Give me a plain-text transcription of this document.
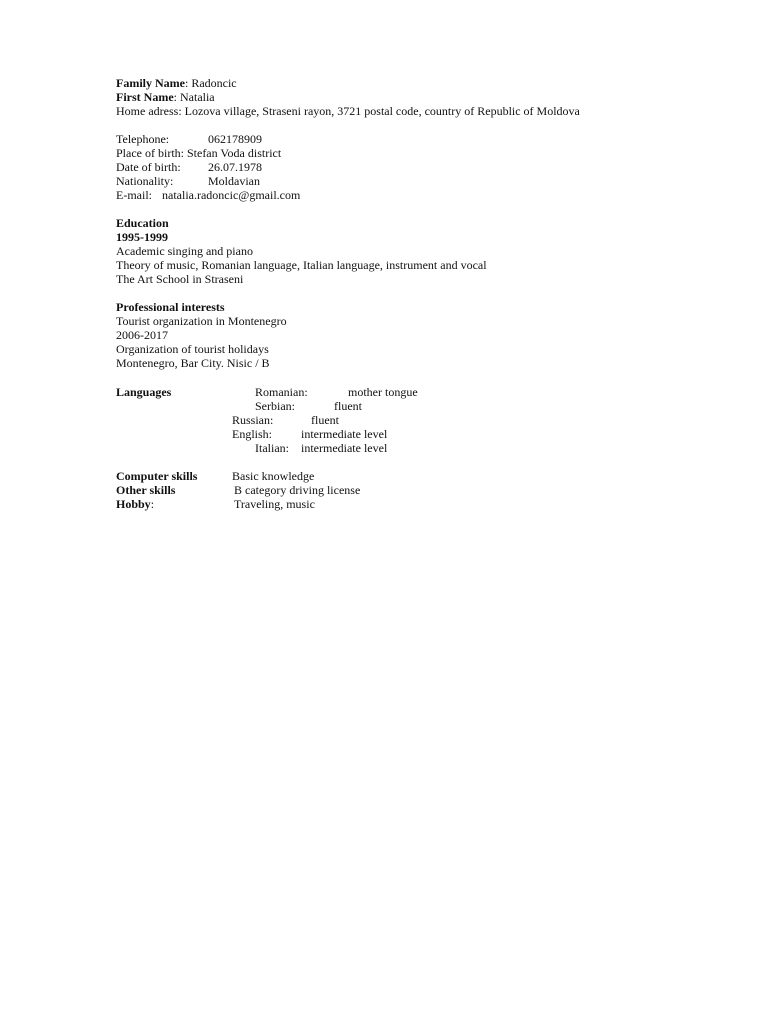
Family Name: Radoncic
First Name: Natalia
Home adress: Lozova village, Straseni rayon, 3721 postal code, country of Republic of Moldova
Telephone:	062178909
Place of birth: Stefan Voda district
Date of birth: 26.07.1978
Nationality:	Moldavian
E-mail: natalia.radoncic@gmail.com
Education
1995-1999
Academic singing and piano
Theory of music, Romanian language, Italian language, instrument and vocal
The Art School in Straseni
Professional interests
Tourist organization in Montenegro
2006-2017
Organization of tourist holidays
Montenegro, Bar City. Nisic / B
Languages	Romanian:	mother tongue
Serbian:	fluent
Russian:	fluent
English: intermediate level
Italian: intermediate level
Computer skills	Basic knowledge
Other skills	B category driving license
Hobby:	Traveling, music
